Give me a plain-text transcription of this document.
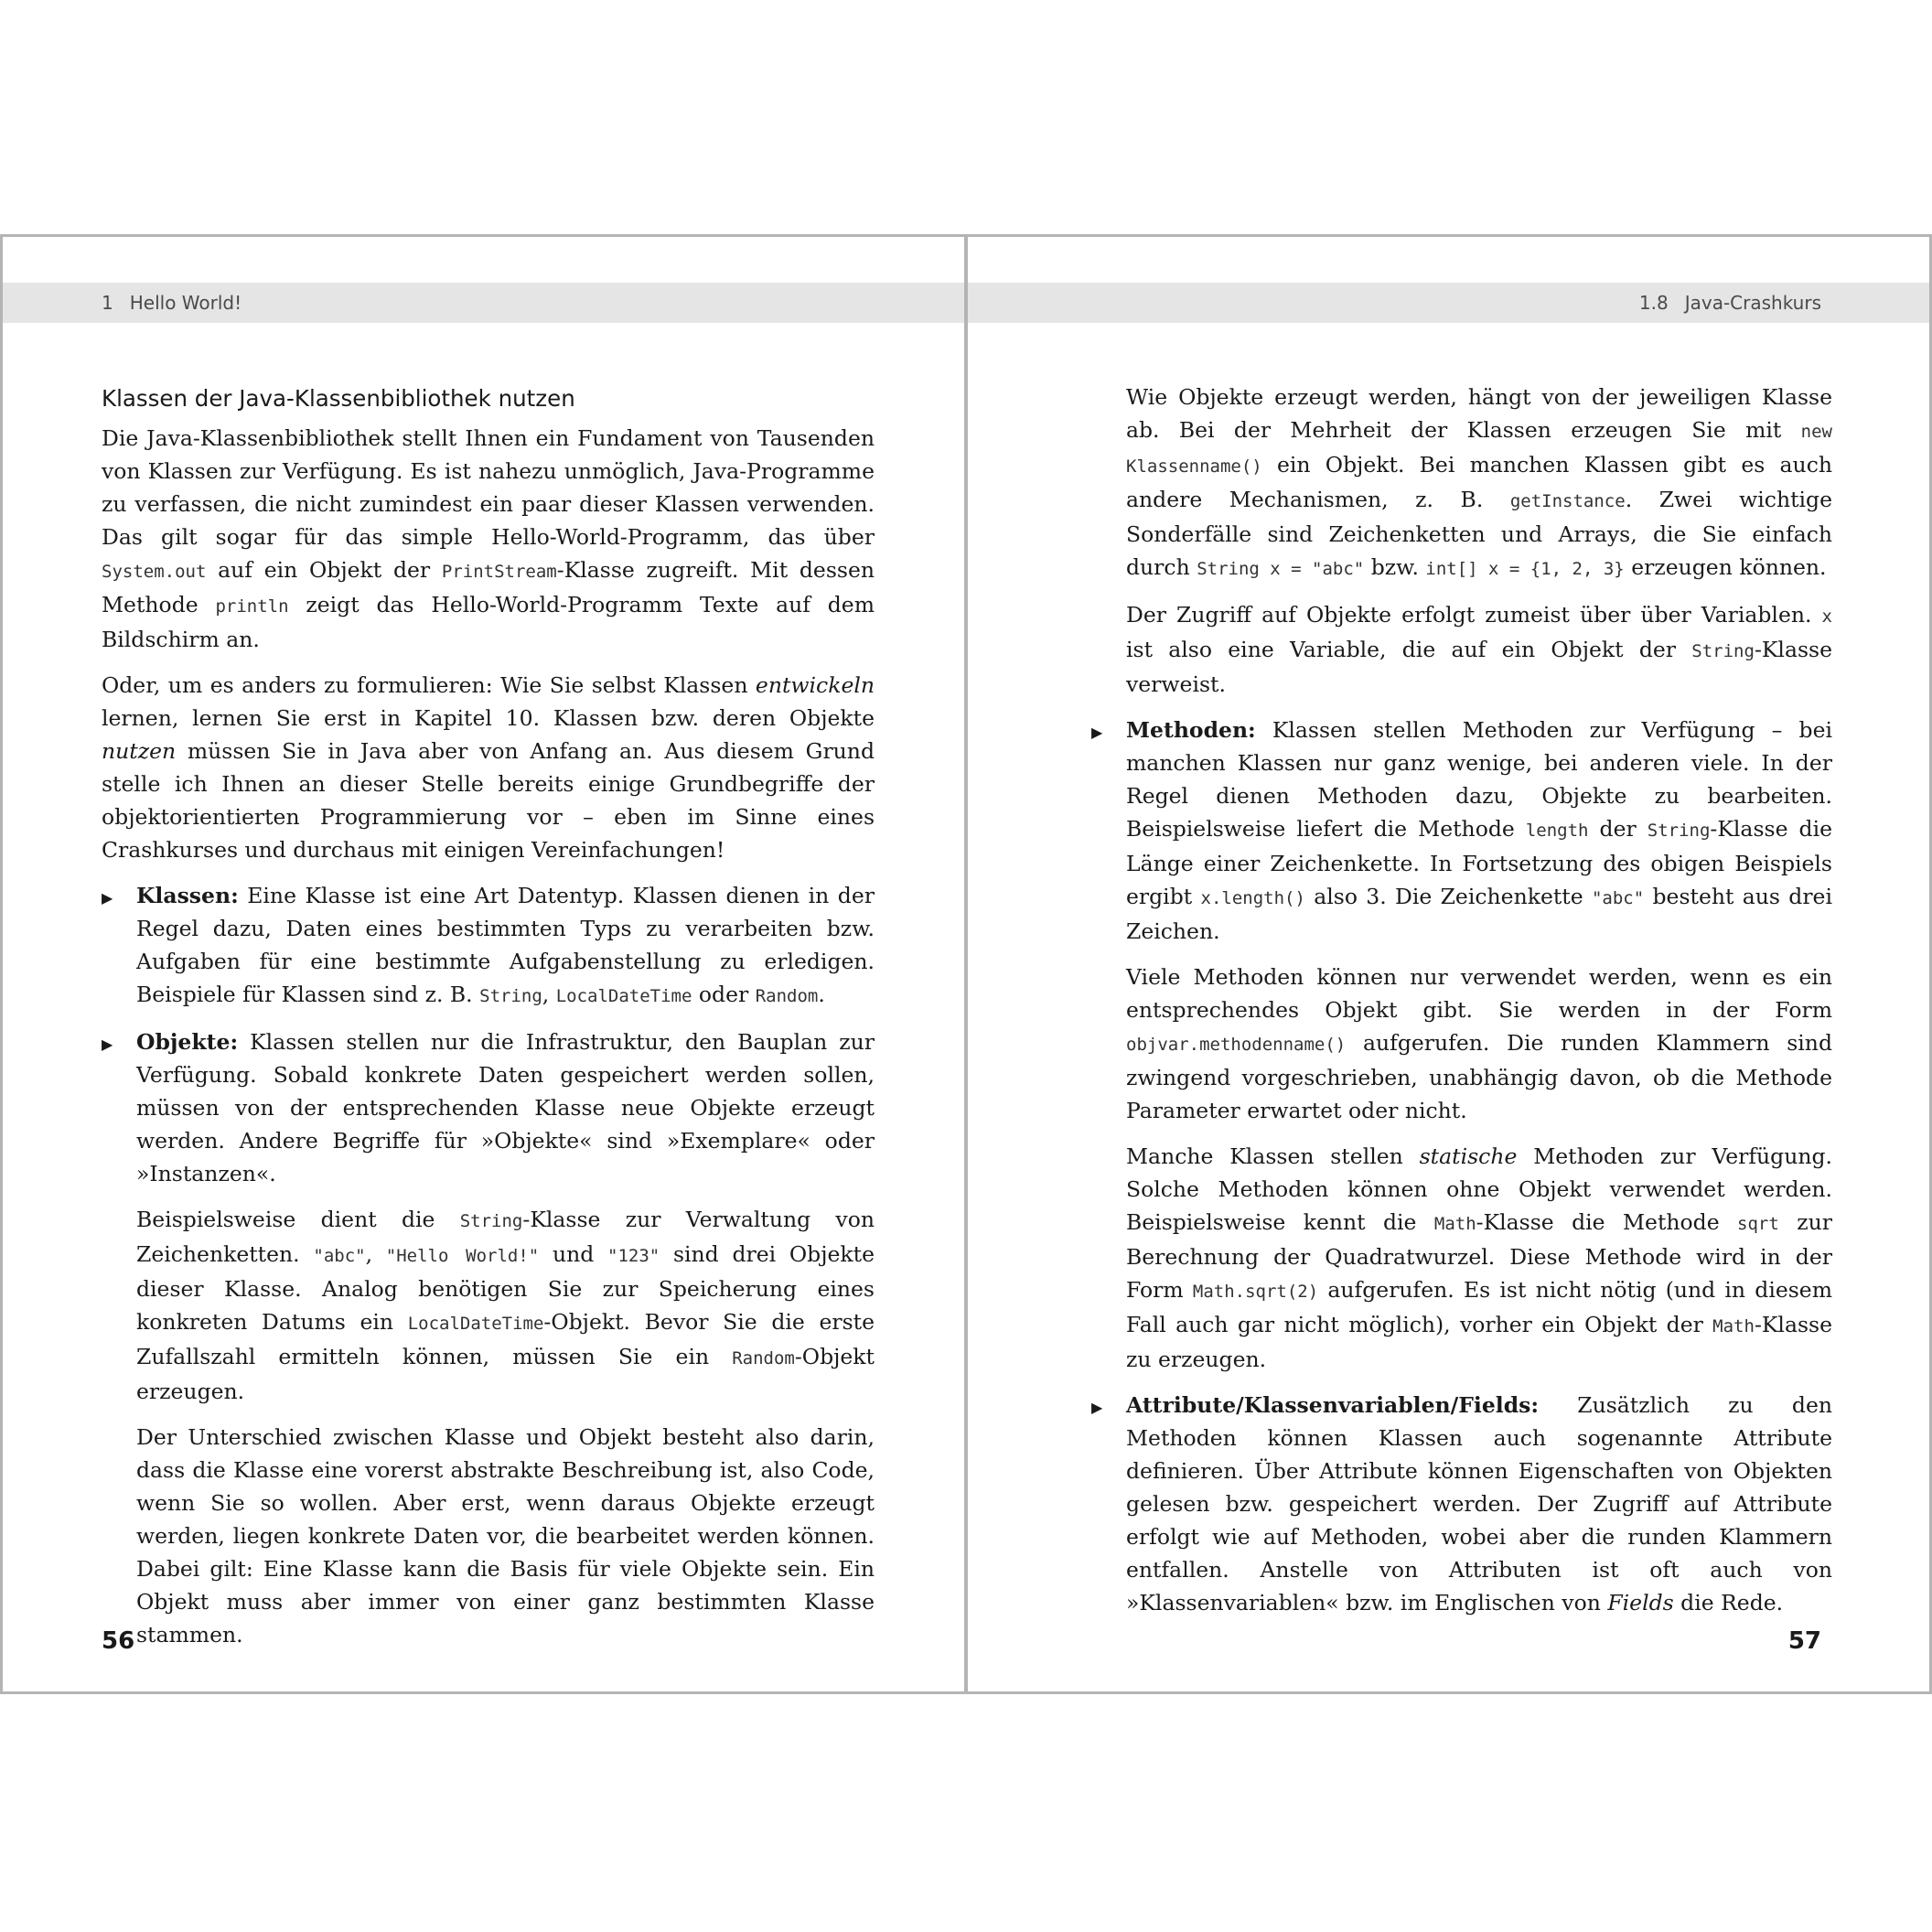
1 Hello World!
Klassen der Java-Klassenbibliothek nutzen

Die Java-Klassenbibliothek stellt Ihnen ein Fundament von Tausenden von Klassen zur Verfügung. Es ist nahezu unmöglich, Java-Programme zu verfassen, die nicht zumindest ein paar dieser Klassen verwenden. Das gilt sogar für das simple Hello-World-Programm, das über System.out auf ein Objekt der PrintStream-Klasse zugreift. Mit dessen Methode println zeigt das Hello-World-Programm Texte auf dem Bildschirm an.

Oder, um es anders zu formulieren: Wie Sie selbst Klassen entwickeln lernen, lernen Sie erst in Kapitel 10. Klassen bzw. deren Objekte nutzen müssen Sie in Java aber von Anfang an. Aus diesem Grund stelle ich Ihnen an dieser Stelle bereits einige Grundbegriffe der objektorientierten Programmierung vor – eben im Sinne eines Crashkurses und durchaus mit einigen Vereinfachungen!

▶ Klassen: Eine Klasse ist eine Art Datentyp. Klassen dienen in der Regel dazu, Daten eines bestimmten Typs zu verarbeiten bzw. Aufgaben für eine bestimmte Aufgabenstellung zu erledigen. Beispiele für Klassen sind z. B. String, LocalDateTime oder Random.

▶ Objekte: Klassen stellen nur die Infrastruktur, den Bauplan zur Verfügung. Sobald konkrete Daten gespeichert werden sollen, müssen von der entsprechenden Klasse neue Objekte erzeugt werden. Andere Begriffe für »Objekte« sind »Exemplare« oder »Instanzen«.

Beispielsweise dient die String-Klasse zur Verwaltung von Zeichenketten. "abc", "Hello World!" und "123" sind drei Objekte dieser Klasse. Analog benötigen Sie zur Speicherung eines konkreten Datums ein LocalDateTime-Objekt. Bevor Sie die erste Zufallszahl ermitteln können, müssen Sie ein Random-Objekt erzeugen.

Der Unterschied zwischen Klasse und Objekt besteht also darin, dass die Klasse eine vorerst abstrakte Beschreibung ist, also Code, wenn Sie so wollen. Aber erst, wenn daraus Objekte erzeugt werden, liegen konkrete Daten vor, die bearbeitet werden können. Dabei gilt: Eine Klasse kann die Basis für viele Objekte sein. Ein Objekt muss aber immer von einer ganz bestimmten Klasse stammen.

56
1.8 Java-Crashkurs
57

Wie Objekte erzeugt werden, hängt von der jeweiligen Klasse ab. Bei der Mehrheit der Klassen erzeugen Sie mit new Klassenname() ein Objekt. Bei manchen Klassen gibt es auch andere Mechanismen, z. B. getInstance. Zwei wichtige Sonderfälle sind Zeichenketten und Arrays, die Sie einfach durch String x = "abc" bzw. int[] x = {1, 2, 3} erzeugen können.

Der Zugriff auf Objekte erfolgt zumeist über über Variablen. x ist also eine Variable, die auf ein Objekt der String-Klasse verweist.

▶ Methoden: Klassen stellen Methoden zur Verfügung – bei manchen Klassen nur ganz wenige, bei anderen viele. In der Regel dienen Methoden dazu, Objekte zu bearbeiten. Beispielsweise liefert die Methode length der String-Klasse die Länge einer Zeichenkette. In Fortsetzung des obigen Beispiels ergibt x.length() also 3. Die Zeichenkette "abc" besteht aus drei Zeichen.

Viele Methoden können nur verwendet werden, wenn es ein entsprechendes Objekt gibt. Sie werden in der Form objvar.methodenname() aufgerufen. Die runden Klammern sind zwingend vorgeschrieben, unabhängig davon, ob die Methode Parameter erwartet oder nicht.

Manche Klassen stellen statische Methoden zur Verfügung. Solche Methoden können ohne Objekt verwendet werden. Beispielsweise kennt die Math-Klasse die Methode sqrt zur Berechnung der Quadratwurzel. Diese Methode wird in der Form Math.sqrt(2) aufgerufen. Es ist nicht nötig (und in diesem Fall auch gar nicht möglich), vorher ein Objekt der Math-Klasse zu erzeugen.

▶ Attribute/Klassenvariablen/Fields: Zusätzlich zu den Methoden können Klassen auch sogenannte Attribute definieren. Über Attribute können Eigenschaften von Objekten gelesen bzw. gespeichert werden. Der Zugriff auf Attribute erfolgt wie auf Methoden, wobei aber die runden Klammern entfallen. Anstelle von Attributen ist oft auch von »Klassenvariablen« bzw. im Englischen von Fields die Rede.
